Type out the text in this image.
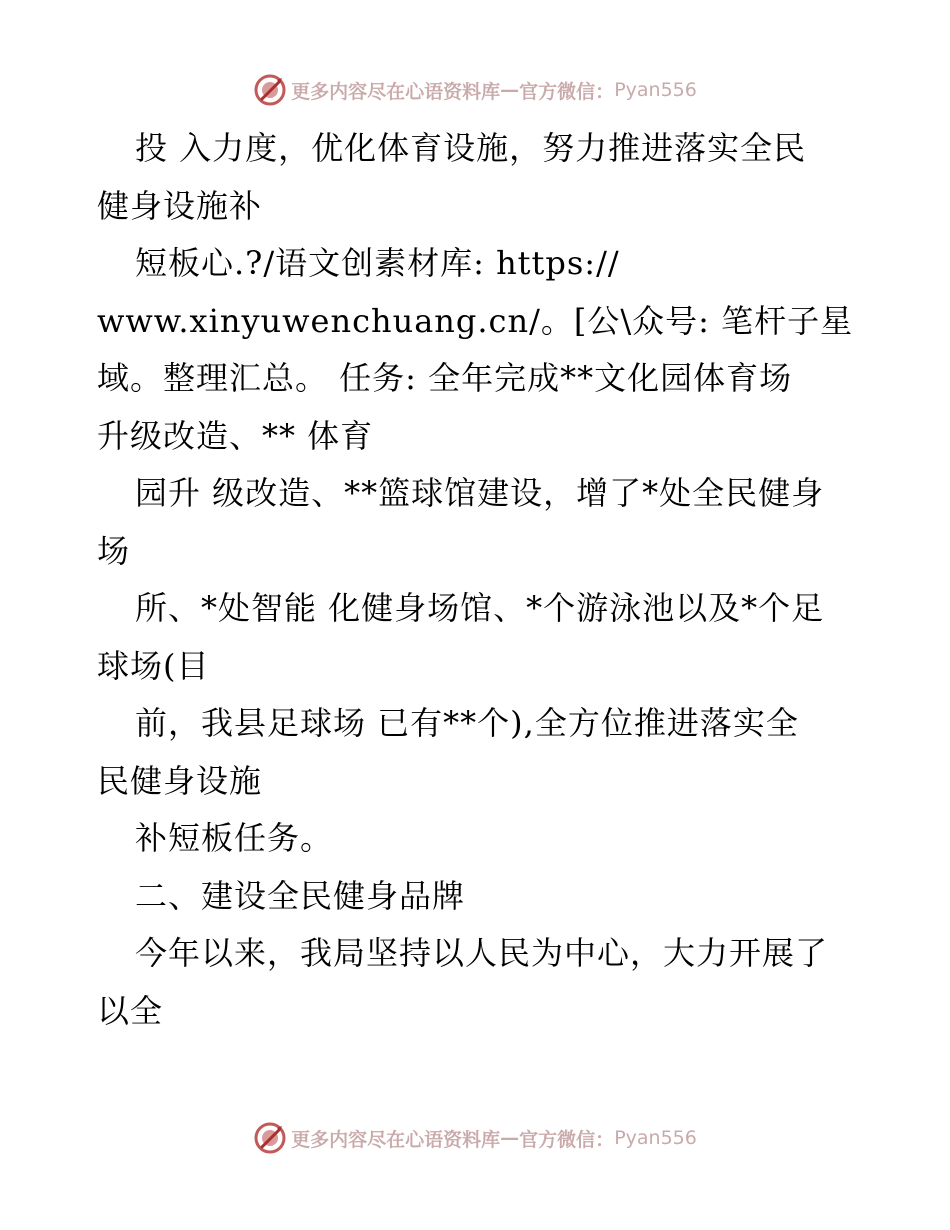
更多内容尽在心语资料库 — 官方微信： Pyan556
投 入力度，优化体育设施，努力推进落实全民
健身设施补
短板心.?/语文创素材库: https://
www.xinyuwenchuang.cn/。[公\众号: 笔杆子星
域。整理汇总。 任务: 全年完成**文化园体育场
升级改造、** 体育
园升 级改造、**篮球馆建设，增了*处全民健身
场
所、*处智能 化健身场馆、*个游泳池以及*个足
球场(目
前，我县足球场 已有**个),全方位推进落实全
民健身设施
补短板任务。
二、建设全民健身品牌
今年以来，我局坚持以人民为中心，大力开展了
以全
更多内容尽在心语资料库 — 官方微信： Pyan556
